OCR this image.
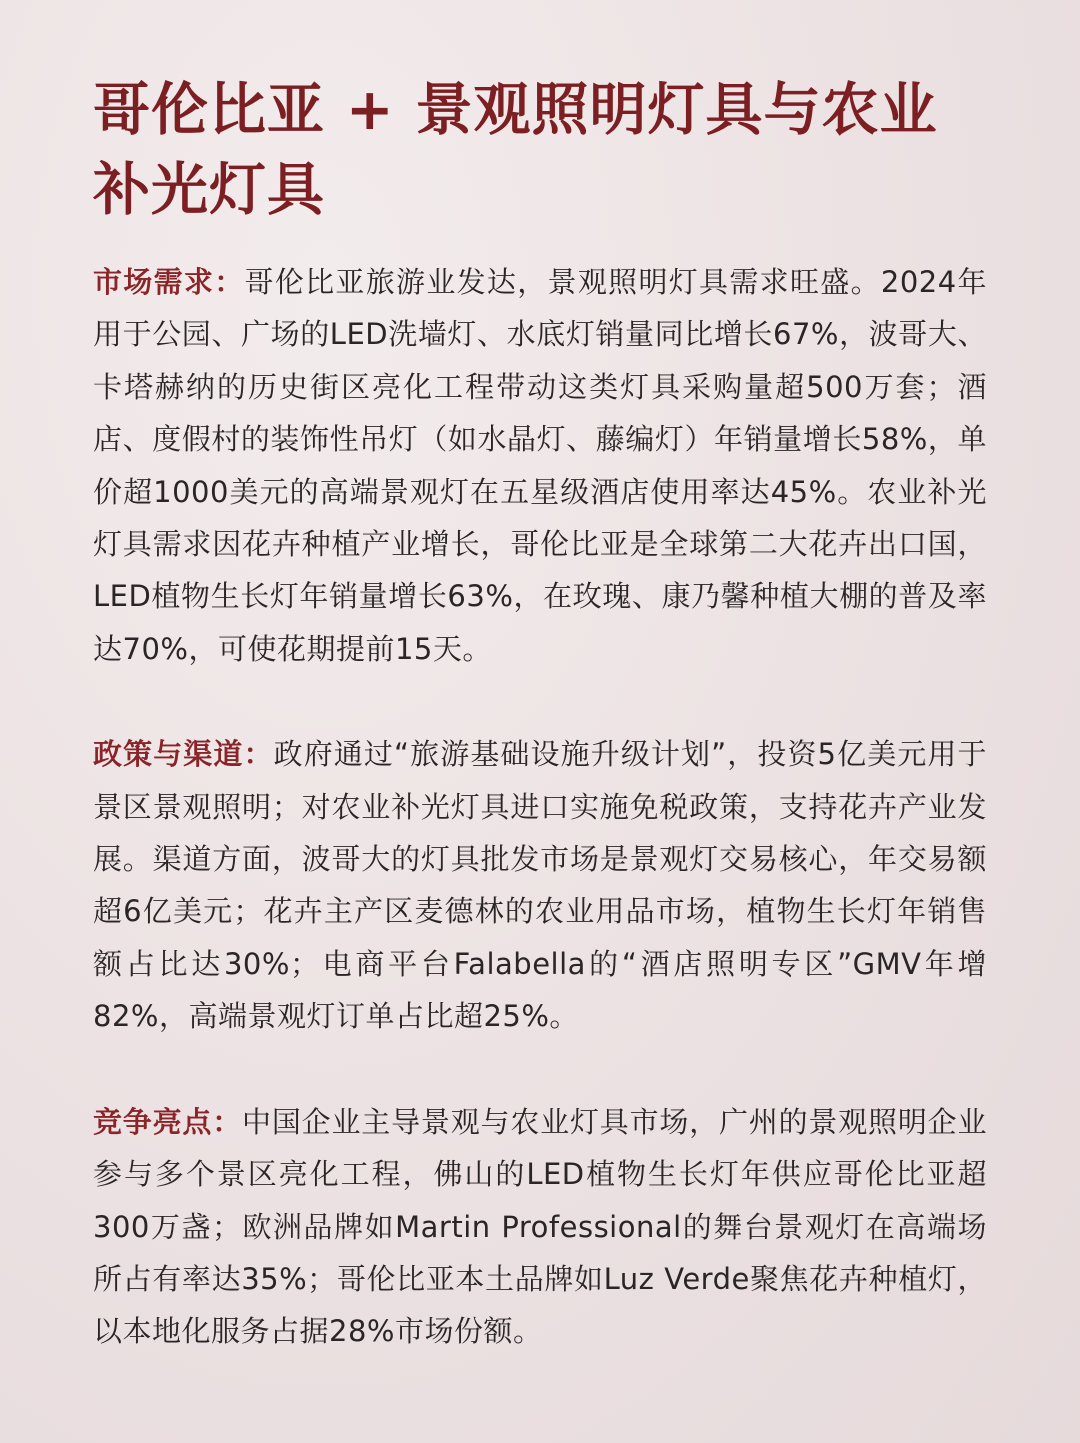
哥伦比亚 + 景观照明灯具与农业补光灯具

市场需求：哥伦比亚旅游业发达，景观照明灯具需求旺盛。2024年用于公园、广场的LED洗墙灯、水底灯销量同比增长67%，波哥大、卡塔赫纳的历史街区亮化工程带动这类灯具采购量超500万套；酒店、度假村的装饰性吊灯（如水晶灯、藤编灯）年销量增长58%，单价超1000美元的高端景观灯在五星级酒店使用率达45%。农业补光灯具需求因花卉种植产业增长，哥伦比亚是全球第二大花卉出口国，LED植物生长灯年销量增长63%，在玫瑰、康乃馨种植大棚的普及率达70%，可使花期提前15天。

政策与渠道：政府通过“旅游基础设施升级计划”，投资5亿美元用于景区景观照明；对农业补光灯具进口实施免税政策，支持花卉产业发展。渠道方面，波哥大的灯具批发市场是景观灯交易核心，年交易额超6亿美元；花卉主产区麦德林的农业用品市场，植物生长灯年销售额占比达30%；电商平台Falabella的“酒店照明专区”GMV年增82%，高端景观灯订单占比超25%。

竞争亮点：中国企业主导景观与农业灯具市场，广州的景观照明企业参与多个景区亮化工程，佛山的LED植物生长灯年供应哥伦比亚超300万盏；欧洲品牌如Martin Professional的舞台景观灯在高端场所占有率达35%；哥伦比亚本土品牌如Luz Verde聚焦花卉种植灯，以本地化服务占据28%市场份额。
